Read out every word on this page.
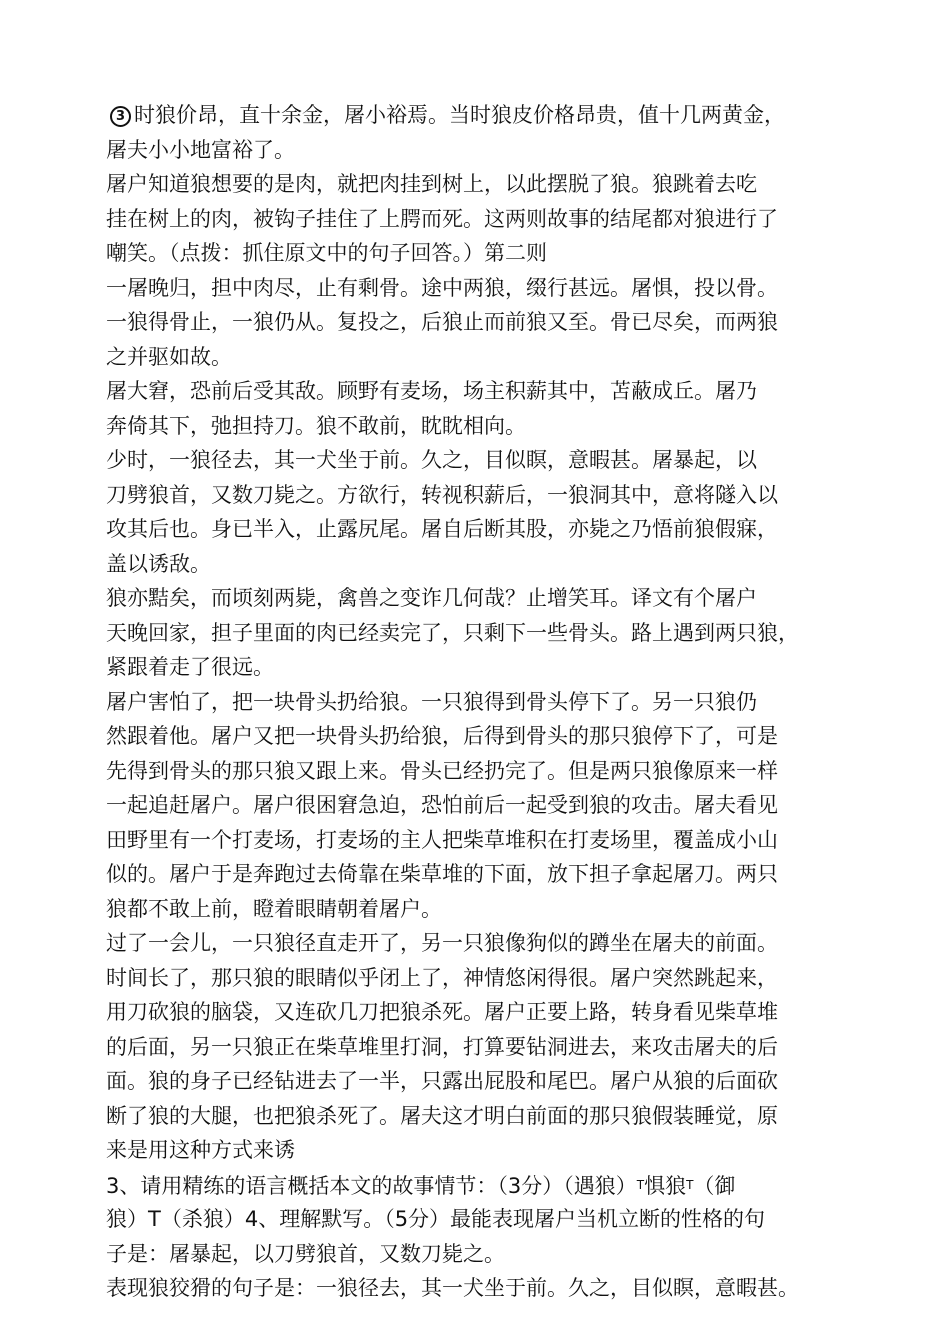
3 时狼价昂，直十余金，屠小裕焉。当时狼皮价格昂贵，值十几两黄金，
屠夫小小地富裕了。
屠户知道狼想要的是肉，就把肉挂到树上，以此摆脱了狼。狼跳着去吃
挂在树上的肉，被钩子挂住了上腭而死。这两则故事的结尾都对狼进行了
嘲笑。（点拨：抓住原文中的句子回答。）第二则
一屠晚归，担中肉尽，止有剩骨。途中两狼，缀行甚远。屠惧，投以骨。
一狼得骨止，一狼仍从。复投之，后狼止而前狼又至。骨已尽矣，而两狼
之并驱如故。
屠大窘，恐前后受其敌。顾野有麦场，场主积薪其中，苫蔽成丘。屠乃
奔倚其下，弛担持刀。狼不敢前，眈眈相向。
少时，一狼径去，其一犬坐于前。久之，目似瞑，意暇甚。屠暴起，以
刀劈狼首，又数刀毙之。方欲行，转视积薪后，一狼洞其中，意将隧入以
攻其后也。身已半入，止露尻尾。屠自后断其股，亦毙之乃悟前狼假寐，
盖以诱敌。
狼亦黠矣，而顷刻两毙，禽兽之变诈几何哉？止增笑耳。译文有个屠户
天晚回家，担子里面的肉已经卖完了，只剩下一些骨头。路上遇到两只狼，
紧跟着走了很远。
屠户害怕了，把一块骨头扔给狼。一只狼得到骨头停下了。另一只狼仍
然跟着他。屠户又把一块骨头扔给狼，后得到骨头的那只狼停下了，可是
先得到骨头的那只狼又跟上来。骨头已经扔完了。但是两只狼像原来一样
一起追赶屠户。屠户很困窘急迫，恐怕前后一起受到狼的攻击。屠夫看见
田野里有一个打麦场，打麦场的主人把柴草堆积在打麦场里，覆盖成小山
似的。屠户于是奔跑过去倚靠在柴草堆的下面，放下担子拿起屠刀。两只
狼都不敢上前，瞪着眼睛朝着屠户。
过了一会儿，一只狼径直走开了，另一只狼像狗似的蹲坐在屠夫的前面。
时间长了，那只狼的眼睛似乎闭上了，神情悠闲得很。屠户突然跳起来，
用刀砍狼的脑袋，又连砍几刀把狼杀死。屠户正要上路，转身看见柴草堆
的后面，另一只狼正在柴草堆里打洞，打算要钻洞进去，来攻击屠夫的后
面。狼的身子已经钻进去了一半，只露出屁股和尾巴。屠户从狼的后面砍
断了狼的大腿，也把狼杀死了。屠夫这才明白前面的那只狼假装睡觉，原
来是用这种方式来诱
3、请用精练的语言概括本文的故事情节：（3分）（遇狼）T惧狼T（御
狼）T（杀狼）4、理解默写。（5分）最能表现屠户当机立断的性格的句
子是：屠暴起，以刀劈狼首，又数刀毙之。
表现狼狡猾的句子是：一狼径去，其一犬坐于前。久之，目似瞑，意暇甚。
